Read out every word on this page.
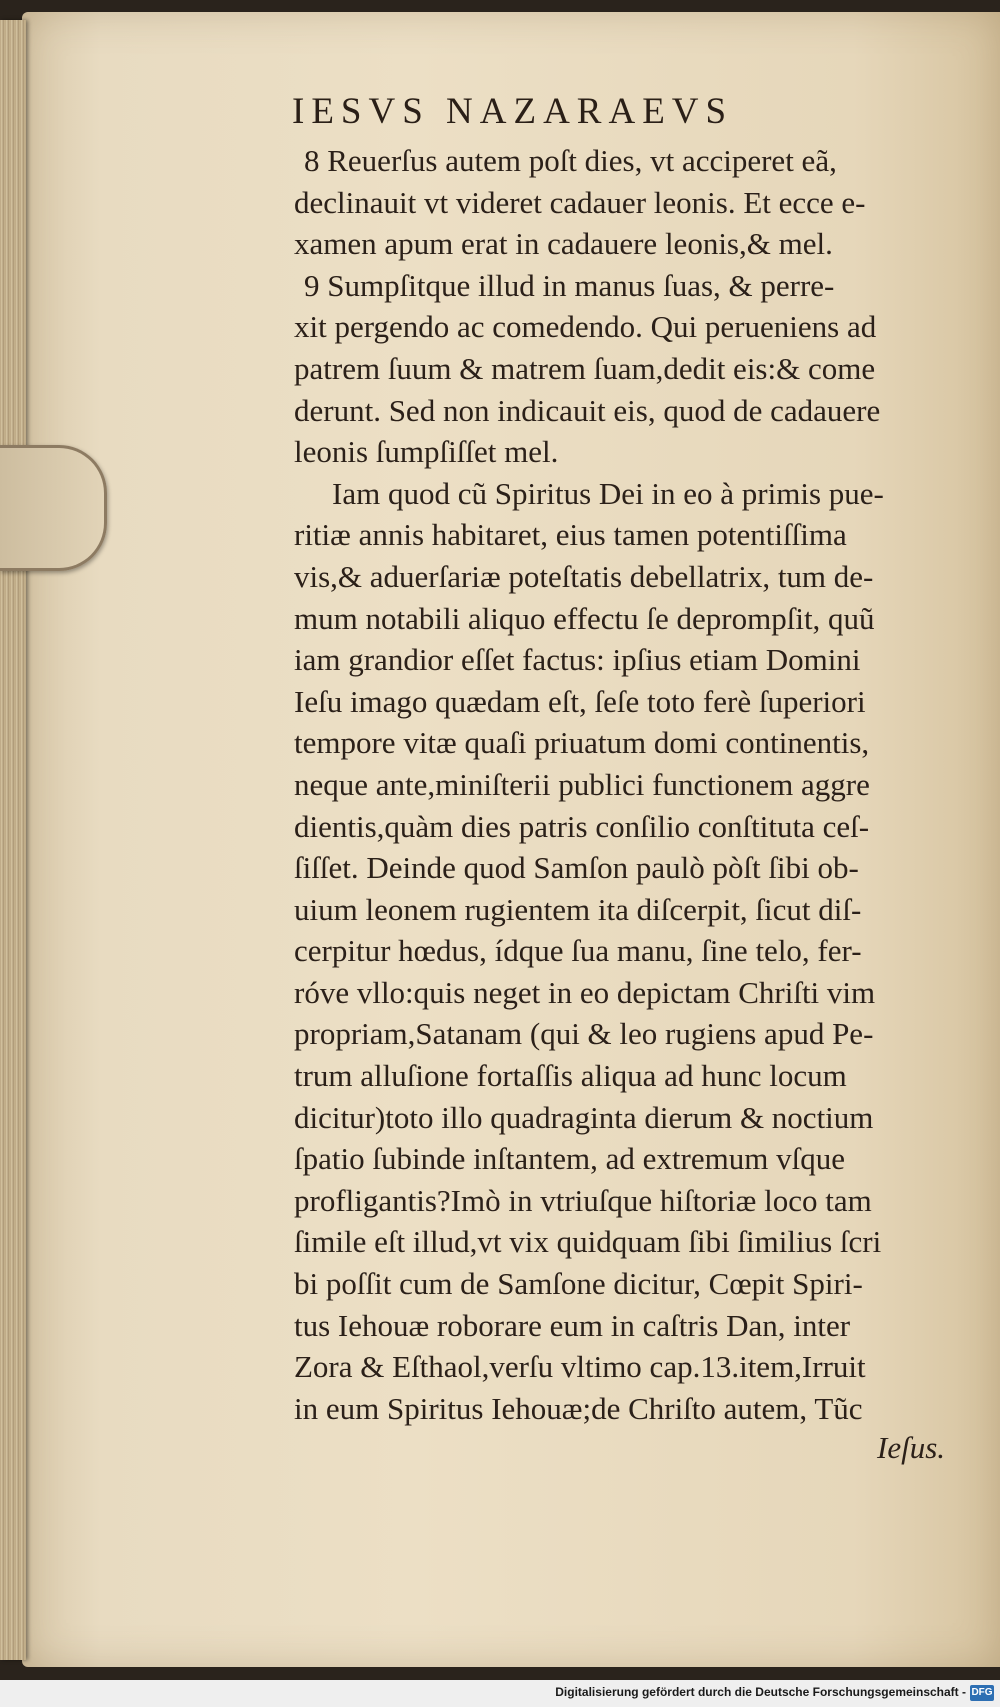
IESVS NAZARAEVS
8 Reuerſus autem poſt dies, vt acciperet eã,
declinauit vt videret cadauer leonis. Et ecce e-
xamen apum erat in cadauere leonis,& mel.
9 Sumpſitque illud in manus ſuas, & perre-
xit pergendo ac comedendo. Qui perueniens ad
patrem ſuum & matrem ſuam,dedit eis:& come
derunt. Sed non indicauit eis, quod de cadauere
leonis ſumpſiſſet mel.
Iam quod cũ Spiritus Dei in eo à primis pue-
ritiæ annis habitaret, eius tamen potentiſſima
vis,& aduerſariæ poteſtatis debellatrix, tum de-
mum notabili aliquo effectu ſe deprompſit, quũ
iam grandior eſſet factus: ipſius etiam Domini
Ieſu imago quædam eſt, ſeſe toto ferè ſuperiori
tempore vitæ quaſi priuatum domi continentis,
neque ante,miniſterii publici functionem aggre
dientis,quàm dies patris conſilio conſtituta ceſ-
ſiſſet. Deinde quod Samſon paulò pòſt ſibi ob-
uium leonem rugientem ita diſcerpit, ſicut diſ-
cerpitur hœdus, ídque ſua manu, ſine telo, fer-
róve vllo:quis neget in eo depictam Chriſti vim
propriam,Satanam (qui & leo rugiens apud Pe-
trum alluſione fortaſſis aliqua ad hunc locum
dicitur)toto illo quadraginta dierum & noctium
ſpatio ſubinde inſtantem, ad extremum vſque
profligantis?Imò in vtriuſque hiſtoriæ loco tam
ſimile eſt illud,vt vix quidquam ſibi ſimilius ſcri
bi poſſit cum de Samſone dicitur, Cœpit Spiri-
tus Iehouæ roborare eum in caſtris Dan, inter
Zora & Eſthaol,verſu vltimo cap.13.item,Irruit
in eum Spiritus Iehouæ;de Chriſto autem, Tũc
Ieſus.
Digitalisierung gefördert durch die Deutsche Forschungsgemeinschaft - DFG
